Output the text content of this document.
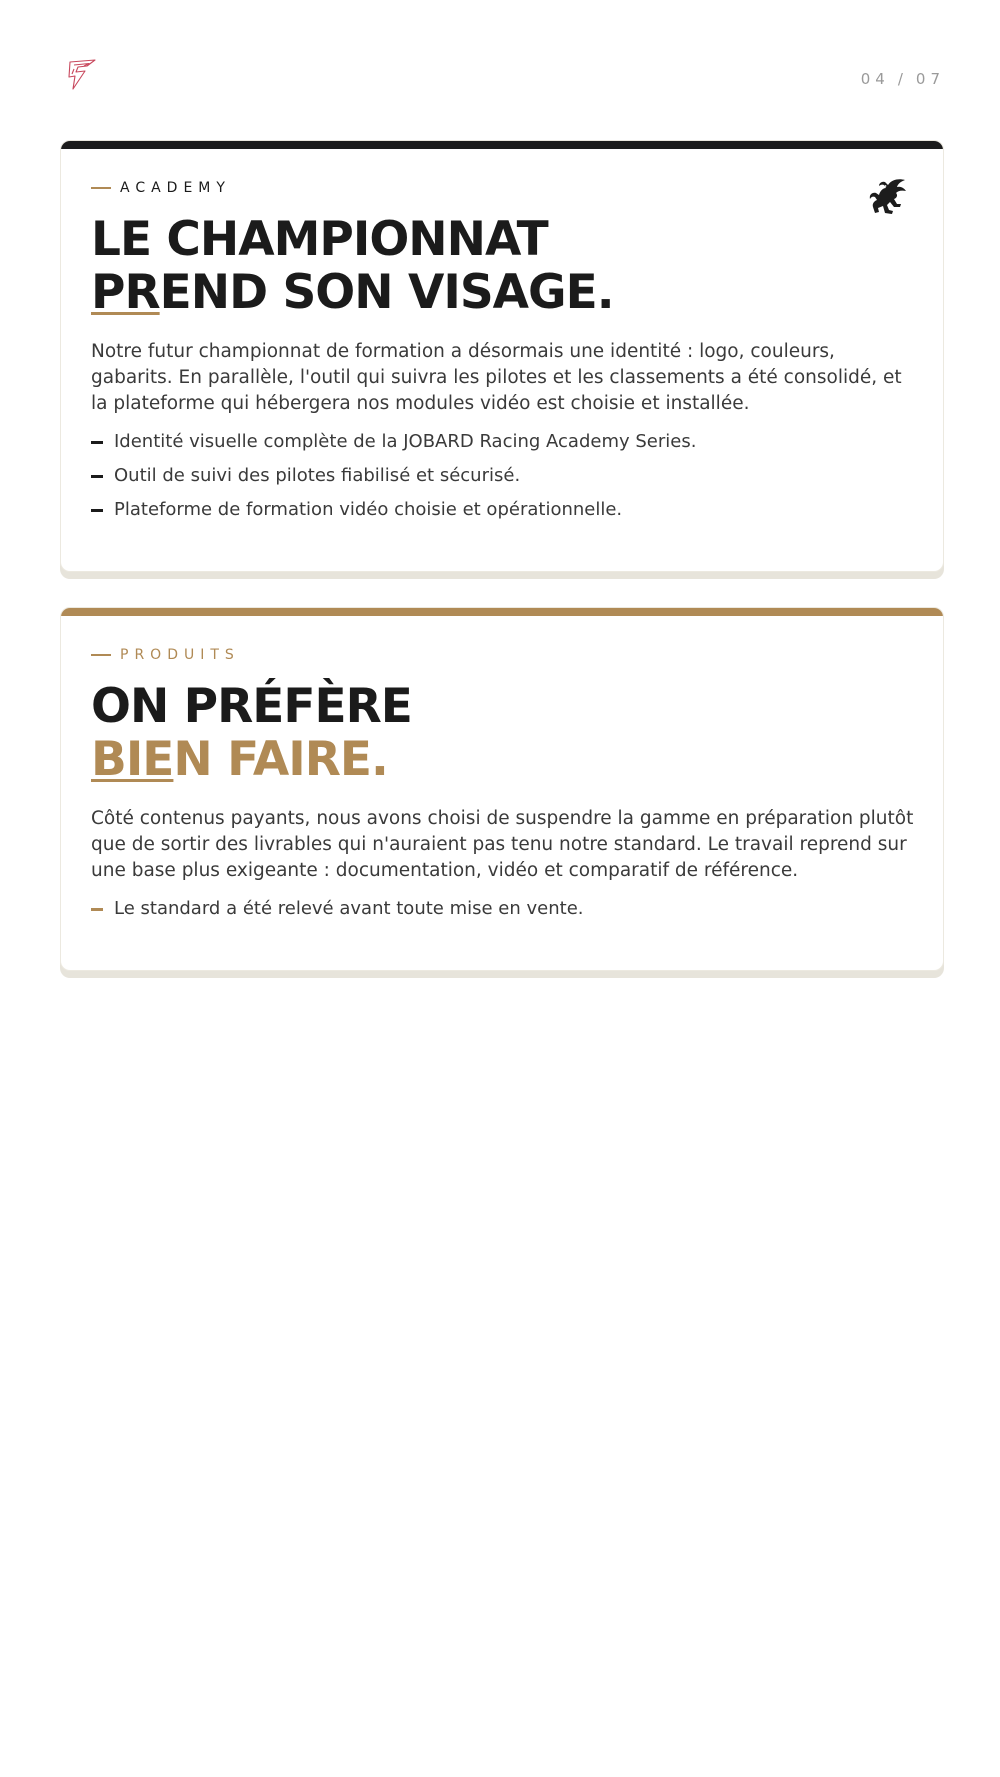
04 / 07
ACADEMY
LE CHAMPIONNAT
PREND SON VISAGE.

Notre futur championnat de formation a désormais une identité : logo, couleurs, gabarits. En parallèle, l'outil qui suivra les pilotes et les classements a été consolidé, et la plateforme qui hébergera nos modules vidéo est choisie et installée.

Identité visuelle complète de la JOBARD Racing Academy Series.
Outil de suivi des pilotes fiabilisé et sécurisé.
Plateforme de formation vidéo choisie et opérationnelle.
PRODUITS
ON PRÉFÈRE
BIEN FAIRE.

Côté contenus payants, nous avons choisi de suspendre la gamme en préparation plutôt que de sortir des livrables qui n'auraient pas tenu notre standard. Le travail reprend sur une base plus exigeante : documentation, vidéo et comparatif de référence.

Le standard a été relevé avant toute mise en vente.
